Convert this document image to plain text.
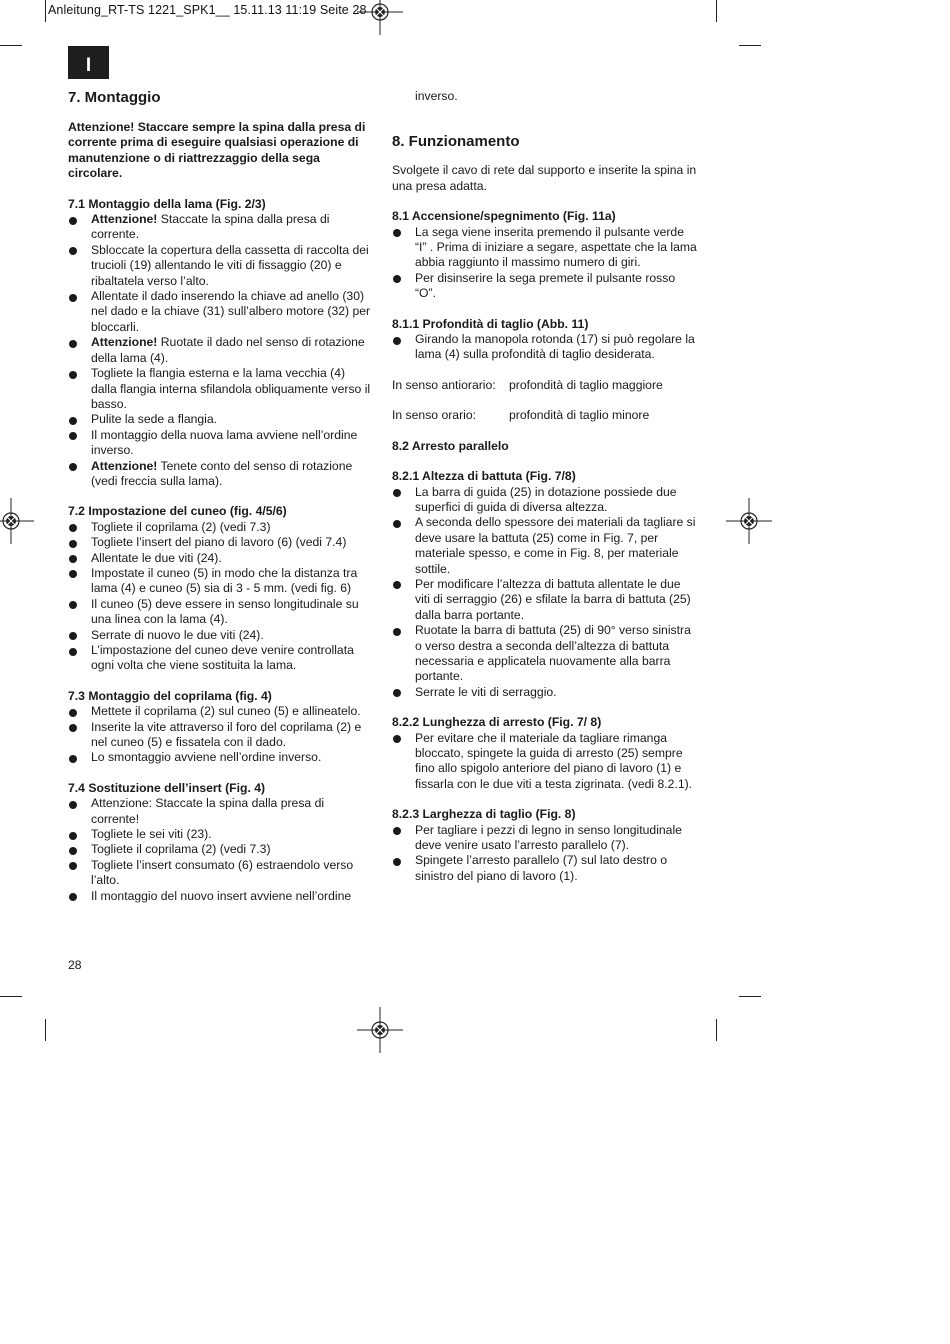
Anleitung_RT-TS 1221_SPK1__ 15.11.13 11:19 Seite 28
I
7. Montaggio

Attenzione! Staccare sempre la spina dalla presa di corrente prima di eseguire qualsiasi operazione di manutenzione o di riattrezzaggio della sega circolare.

7.1 Montaggio della lama (Fig. 2/3)
Attenzione! Staccate la spina dalla presa di corrente.
Sbloccate la copertura della cassetta di raccolta dei trucioli (19) allentando le viti di fissaggio (20) e ribaltatela verso l’alto.
Allentate il dado inserendo la chiave ad anello (30) nel dado e la chiave (31) sull’albero motore (32) per bloccarli.
Attenzione! Ruotate il dado nel senso di rotazione della lama (4).
Togliete la flangia esterna e la lama vecchia (4) dalla flangia interna sfilandola obliquamente verso il basso.
Pulite la sede a flangia.
Il montaggio della nuova lama avviene nell’ordine inverso.
Attenzione! Tenete conto del senso di rotazione (vedi freccia sulla lama).
7.2 Impostazione del cuneo (fig. 4/5/6)
Togliete il coprilama (2) (vedi 7.3)
Togliete l’insert del piano di lavoro (6) (vedi 7.4)
Allentate le due viti (24).
Impostate il cuneo (5) in modo che la distanza tra lama (4) e cuneo (5) sia di 3 - 5 mm. (vedi fig. 6)
Il cuneo (5) deve essere in senso longitudinale su una linea con la lama (4).
Serrate di nuovo le due viti (24).
L’impostazione del cuneo deve venire controllata ogni volta che viene sostituita la lama.
7.3 Montaggio del coprilama (fig. 4)
Mettete il coprilama (2) sul cuneo (5) e allineatelo.
Inserite la vite attraverso il foro del coprilama (2) e nel cuneo (5) e fissatela con il dado.
Lo smontaggio avviene nell’ordine inverso.
7.4 Sostituzione dell’insert (Fig. 4)
Attenzione: Staccate la spina dalla presa di corrente!
Togliete le sei viti (23).
Togliete il coprilama (2) (vedi 7.3)
Togliete l’insert consumato (6) estraendolo verso l’alto.
Il montaggio del nuovo insert avviene nell’ordine

inverso.

8. Funzionamento

Svolgete il cavo di rete dal supporto e inserite la spina in una presa adatta.

8.1 Accensione/spegnimento (Fig. 11a)
La sega viene inserita premendo il pulsante verde “I” . Prima di iniziare a segare, aspettate che la lama abbia raggiunto il massimo numero di giri.
Per disinserire la sega premete il pulsante rosso “O”.
8.1.1 Profondità di taglio (Abb. 11)
Girando la manopola rotonda (17) si può regolare la lama (4) sulla profondità di taglio desiderata.
In senso antiorario:	profondità di taglio maggiore
In senso orario:	profondità di taglio minore
8.2 Arresto parallelo
8.2.1 Altezza di battuta (Fig. 7/8)
La barra di guida (25) in dotazione possiede due superfici di guida di diversa altezza.
A seconda dello spessore dei materiali da tagliare si deve usare la battuta (25) come in Fig. 7, per materiale spesso, e come in Fig. 8, per materiale sottile.
Per modificare l’altezza di battuta allentate le due viti di serraggio (26) e sfilate la barra di battuta (25) dalla barra portante.
Ruotate la barra di battuta (25) di 90° verso sinistra o verso destra a seconda dell’altezza di battuta necessaria e applicatela nuovamente alla barra portante.
Serrate le viti di serraggio.
8.2.2 Lunghezza di arresto (Fig. 7/ 8)
Per evitare che il materiale da tagliare rimanga bloccato, spingete la guida di arresto (25) sempre fino allo spigolo anteriore del piano di lavoro (1) e fissarla con le due viti a testa zigrinata. (vedi 8.2.1).
8.2.3 Larghezza di taglio (Fig. 8)
Per tagliare i pezzi di legno in senso longitudinale deve venire usato l’arresto parallelo (7).
Spingete l’arresto parallelo (7) sul lato destro o sinistro del piano di lavoro (1).
28
